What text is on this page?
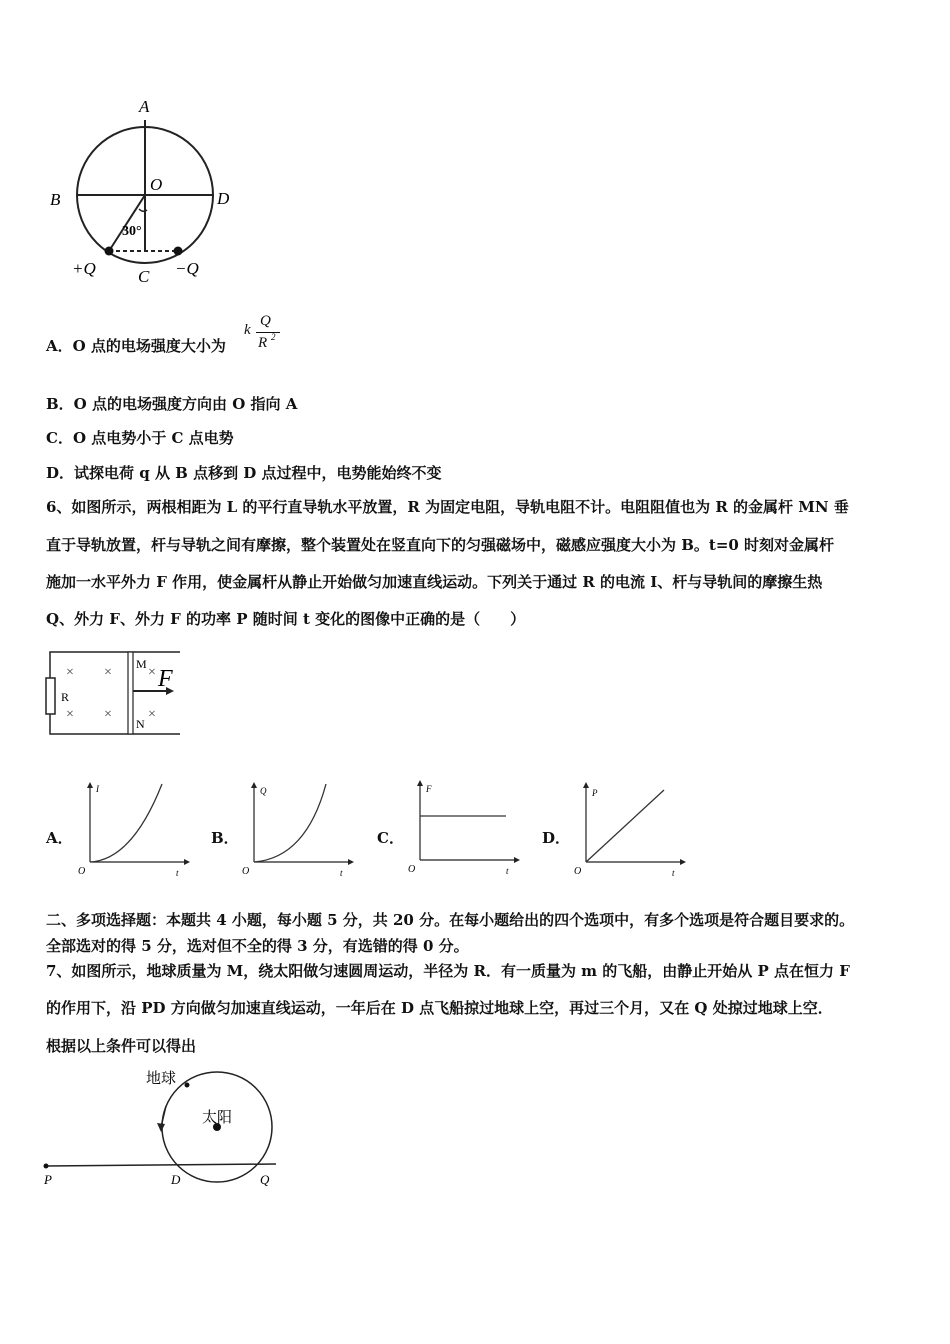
A
B
O
D
C
30°
+Q	−Q
A．O 点的电场强度大小为
k
Q
R 2
B．O 点的电场强度方向由 O 指向 A
C．O 点电势小于 C 点电势
D．试探电荷 q 从 B 点移到 D 点过程中，电势能始终不变
6、如图所示，两根相距为 L 的平行直导轨水平放置，R 为固定电阻，导轨电阻不计。电阻阻值也为 R 的金属杆 MN 垂
直于导轨放置，杆与导轨之间有摩擦，整个装置处在竖直向下的匀强磁场中，磁感应强度大小为 B。t=0 时刻对金属杆
施加一水平外力 F 作用，使金属杆从静止开始做匀加速直线运动。下列关于通过 R 的电流 I、杆与导轨间的摩擦生热
Q、外力 F、外力 F 的功率 P 随时间 t 变化的图像中正确的是（　　）
R
M
N
F
× ×	×
× ×	×
A．
I
O	t
B．
Q
O	t
C．
F
O	t
D．
P
O	t
二、多项选择题：本题共 4 小题，每小题 5 分，共 20 分。在每小题给出的四个选项中，有多个选项是符合题目要求的。
全部选对的得 5 分，选对但不全的得 3 分，有选错的得 0 分。
7、如图所示，地球质量为 M，绕太阳做匀速圆周运动，半径为 R．有一质量为 m 的飞船，由静止开始从 P 点在恒力 F
的作用下，沿 PD 方向做匀加速直线运动，一年后在 D 点飞船掠过地球上空，再过三个月，又在 Q 处掠过地球上空．
根据以上条件可以得出
地球
太阳
P	D	Q
